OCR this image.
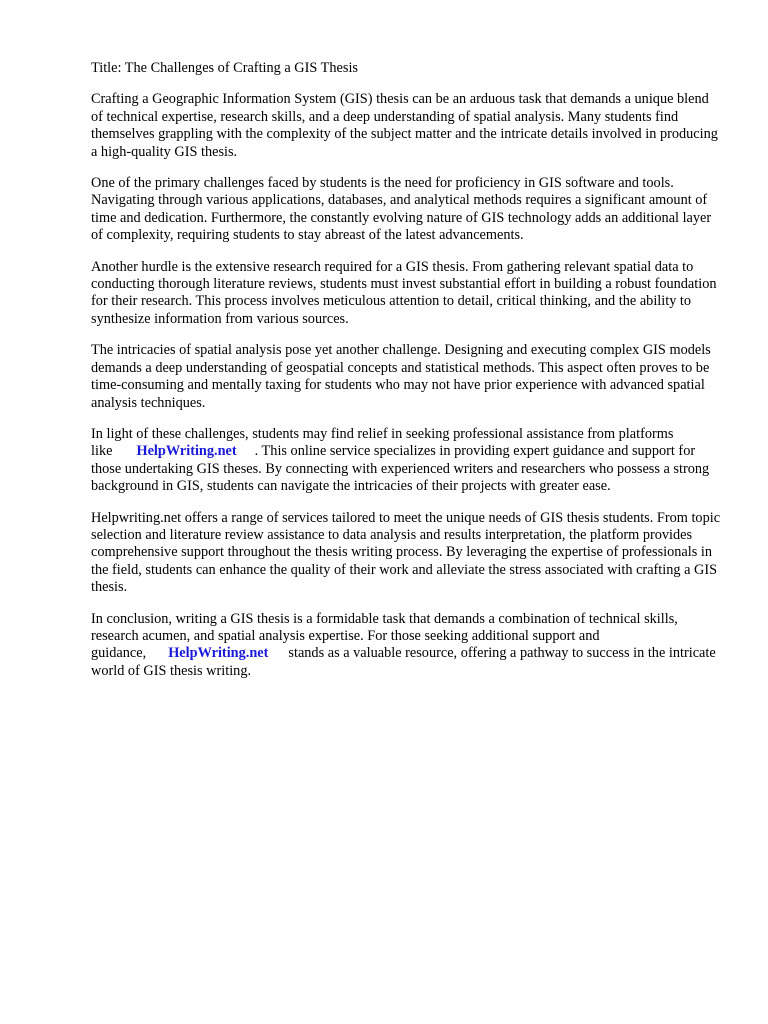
Title: The Challenges of Crafting a GIS Thesis

Crafting a Geographic Information System (GIS) thesis can be an arduous task that demands a unique blend of technical expertise, research skills, and a deep understanding of spatial analysis. Many students find themselves grappling with the complexity of the subject matter and the intricate details involved in producing a high-quality GIS thesis.

One of the primary challenges faced by students is the need for proficiency in GIS software and tools. Navigating through various applications, databases, and analytical methods requires a significant amount of time and dedication. Furthermore, the constantly evolving nature of GIS technology adds an additional layer of complexity, requiring students to stay abreast of the latest advancements.

Another hurdle is the extensive research required for a GIS thesis. From gathering relevant spatial data to conducting thorough literature reviews, students must invest substantial effort in building a robust foundation for their research. This process involves meticulous attention to detail, critical thinking, and the ability to synthesize information from various sources.

The intricacies of spatial analysis pose yet another challenge. Designing and executing complex GIS models demands a deep understanding of geospatial concepts and statistical methods. This aspect often proves to be time-consuming and mentally taxing for students who may not have prior experience with advanced spatial analysis techniques.

In light of these challenges, students may find relief in seeking professional assistance from platforms like HelpWriting.net . This online service specializes in providing expert guidance and support for those undertaking GIS theses. By connecting with experienced writers and researchers who possess a strong background in GIS, students can navigate the intricacies of their projects with greater ease.

Helpwriting.net offers a range of services tailored to meet the unique needs of GIS thesis students. From topic selection and literature review assistance to data analysis and results interpretation, the platform provides comprehensive support throughout the thesis writing process. By leveraging the expertise of professionals in the field, students can enhance the quality of their work and alleviate the stress associated with crafting a GIS thesis.

In conclusion, writing a GIS thesis is a formidable task that demands a combination of technical skills, research acumen, and spatial analysis expertise. For those seeking additional support and guidance, HelpWriting.net stands as a valuable resource, offering a pathway to success in the intricate world of GIS thesis writing.
